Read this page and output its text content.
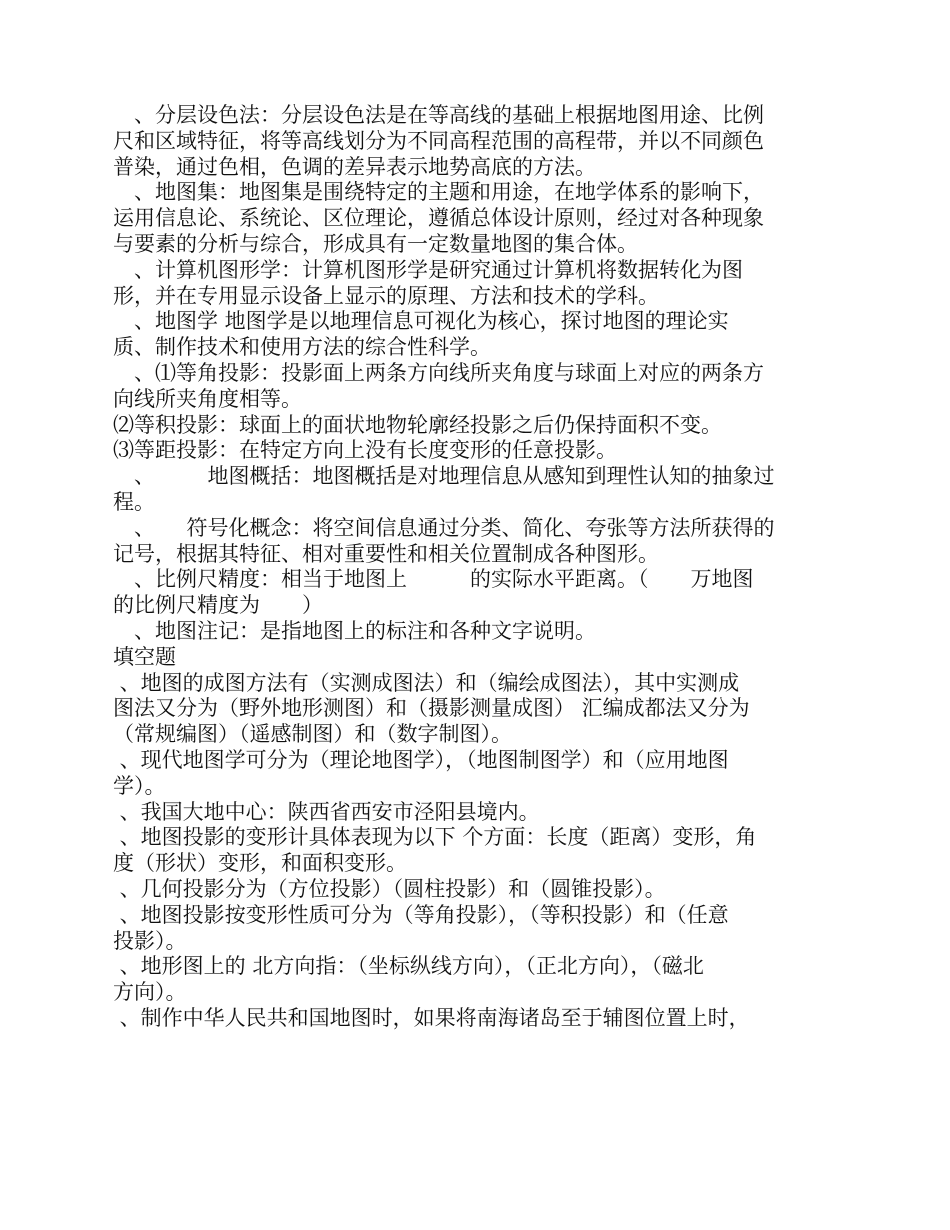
　、分层设色法：分层设色法是在等高线的基础上根据地图用途、比例
尺和区域特征，将等高线划分为不同高程范围的高程带，并以不同颜色
普染，通过色相，色调的差异表示地势高底的方法。
　、地图集：地图集是围绕特定的主题和用途，在地学体系的影响下，
运用信息论、系统论、区位理论，遵循总体设计原则，经过对各种现象
与要素的分析与综合，形成具有一定数量地图的集合体。
　、计算机图形学：计算机图形学是研究通过计算机将数据转化为图
形，并在专用显示设备上显示的原理、方法和技术的学科。
　、地图学 地图学是以地理信息可视化为核心，探讨地图的理论实
质、制作技术和使用方法的综合性科学。
　、⑴等角投影：投影面上两条方向线所夹角度与球面上对应的两条方
向线所夹角度相等。
⑵等积投影：球面上的面状地物轮廓经投影之后仍保持面积不变。
⑶等距投影：在特定方向上没有长度变形的任意投影。
　、　　　地图概括：地图概括是对地理信息从感知到理性认知的抽象过
程。
　、　　符号化概念：将空间信息通过分类、简化、夸张等方法所获得的
记号，根据其特征、相对重要性和相关位置制成各种图形。
　、比例尺精度：相当于地图上　　　的实际水平距离。（　　万地图
的比例尺精度为　　）
　、地图注记：是指地图上的标注和各种文字说明。
填空题
、地图的成图方法有（实测成图法）和（编绘成图法），其中实测成
图法又分为（野外地形测图）和（摄影测量成图） 汇编成都法又分为
（常规编图）（遥感制图）和（数字制图）。
、现代地图学可分为（理论地图学），（地图制图学）和（应用地图
学）。
、我国大地中心：陕西省西安市泾阳县境内。
、地图投影的变形计具体表现为以下 个方面：长度（距离）变形，角
度（形状）变形，和面积变形。
、几何投影分为（方位投影）（圆柱投影）和（圆锥投影）。
、地图投影按变形性质可分为（等角投影），（等积投影）和（任意
投影）。
、地形图上的 北方向指：（坐标纵线方向），（正北方向），（磁北
方向）。
、制作中华人民共和国地图时，如果将南海诸岛至于辅图位置上时，
